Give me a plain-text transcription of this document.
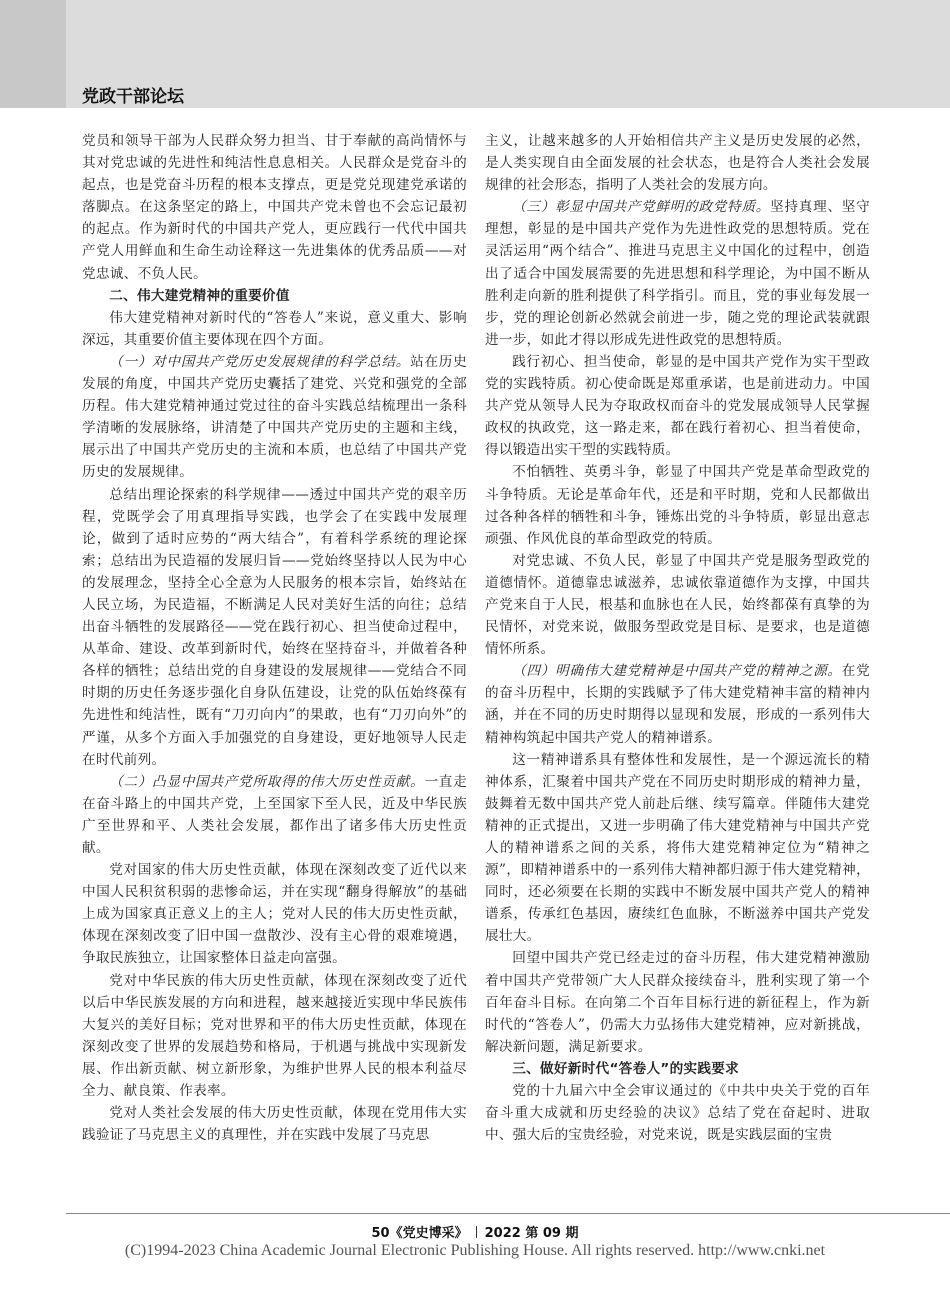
党政干部论坛

党员和领导干部为人民群众努力担当、甘于奉献的高尚情怀与其对党忠诚的先进性和纯洁性息息相关。人民群众是党奋斗的起点，也是党奋斗历程的根本支撑点，更是党兑现建党承诺的落脚点。在这条坚定的路上，中国共产党未曾也不会忘记最初的起点。作为新时代的中国共产党人，更应践行一代代中国共产党人用鲜血和生命生动诠释这一先进集体的优秀品质——对党忠诚、不负人民。

二、伟大建党精神的重要价值

伟大建党精神对新时代的“答卷人”来说，意义重大、影响深远，其重要价值主要体现在四个方面。

（一）对中国共产党历史发展规律的科学总结。站在历史发展的角度，中国共产党历史囊括了建党、兴党和强党的全部历程。伟大建党精神通过党过往的奋斗实践总结梳理出一条科学清晰的发展脉络，讲清楚了中国共产党历史的主题和主线，展示出了中国共产党历史的主流和本质，也总结了中国共产党历史的发展规律。

总结出理论探索的科学规律——透过中国共产党的艰辛历程，党既学会了用真理指导实践，也学会了在实践中发展理论，做到了适时应势的“两大结合”，有着科学系统的理论探索；总结出为民造福的发展归旨——党始终坚持以人民为中心的发展理念，坚持全心全意为人民服务的根本宗旨，始终站在人民立场，为民造福，不断满足人民对美好生活的向往；总结出奋斗牺牲的发展路径——党在践行初心、担当使命过程中，从革命、建设、改革到新时代，始终在坚持奋斗，并做着各种各样的牺牲；总结出党的自身建设的发展规律——党结合不同时期的历史任务逐步强化自身队伍建设，让党的队伍始终葆有先进性和纯洁性，既有“刀刃向内”的果敢，也有“刀刃向外”的严谨，从多个方面入手加强党的自身建设，更好地领导人民走在时代前列。

（二）凸显中国共产党所取得的伟大历史性贡献。一直走在奋斗路上的中国共产党，上至国家下至人民，近及中华民族广至世界和平、人类社会发展，都作出了诸多伟大历史性贡献。

党对国家的伟大历史性贡献，体现在深刻改变了近代以来中国人民积贫积弱的悲惨命运，并在实现“翻身得解放”的基础上成为国家真正意义上的主人；党对人民的伟大历史性贡献，体现在深刻改变了旧中国一盘散沙、没有主心骨的艰难境遇，争取民族独立，让国家整体日益走向富强。

党对中华民族的伟大历史性贡献，体现在深刻改变了近代以后中华民族发展的方向和进程，越来越接近实现中华民族伟大复兴的美好目标；党对世界和平的伟大历史性贡献，体现在深刻改变了世界的发展趋势和格局，于机遇与挑战中实现新发展、作出新贡献、树立新形象，为维护世界人民的根本利益尽全力、献良策、作表率。

党对人类社会发展的伟大历史性贡献，体现在党用伟大实践验证了马克思主义的真理性，并在实践中发展了马克思

主义，让越来越多的人开始相信共产主义是历史发展的必然，是人类实现自由全面发展的社会状态，也是符合人类社会发展规律的社会形态，指明了人类社会的发展方向。

（三）彰显中国共产党鲜明的政党特质。坚持真理、坚守理想，彰显的是中国共产党作为先进性政党的思想特质。党在灵活运用“两个结合”、推进马克思主义中国化的过程中，创造出了适合中国发展需要的先进思想和科学理论，为中国不断从胜利走向新的胜利提供了科学指引。而且，党的事业每发展一步，党的理论创新必然就会前进一步，随之党的理论武装就跟进一步，如此才得以形成先进性政党的思想特质。

践行初心、担当使命，彰显的是中国共产党作为实干型政党的实践特质。初心使命既是郑重承诺，也是前进动力。中国共产党从领导人民为夺取政权而奋斗的党发展成领导人民掌握政权的执政党，这一路走来，都在践行着初心、担当着使命，得以锻造出实干型的实践特质。

不怕牺牲、英勇斗争，彰显了中国共产党是革命型政党的斗争特质。无论是革命年代，还是和平时期，党和人民都做出过各种各样的牺牲和斗争，锤炼出党的斗争特质，彰显出意志顽强、作风优良的革命型政党的特质。

对党忠诚、不负人民，彰显了中国共产党是服务型政党的道德情怀。道德靠忠诚滋养，忠诚依靠道德作为支撑，中国共产党来自于人民，根基和血脉也在人民，始终都葆有真挚的为民情怀，对党来说，做服务型政党是目标、是要求，也是道德情怀所系。

（四）明确伟大建党精神是中国共产党的精神之源。在党的奋斗历程中，长期的实践赋予了伟大建党精神丰富的精神内涵，并在不同的历史时期得以显现和发展，形成的一系列伟大精神构筑起中国共产党人的精神谱系。

这一精神谱系具有整体性和发展性，是一个源远流长的精神体系，汇聚着中国共产党在不同历史时期形成的精神力量，鼓舞着无数中国共产党人前赴后继、续写篇章。伴随伟大建党精神的正式提出，又进一步明确了伟大建党精神与中国共产党人的精神谱系之间的关系，将伟大建党精神定位为“精神之源”，即精神谱系中的一系列伟大精神都归源于伟大建党精神，同时，还必须要在长期的实践中不断发展中国共产党人的精神谱系，传承红色基因，赓续红色血脉，不断滋养中国共产党发展壮大。

回望中国共产党已经走过的奋斗历程，伟大建党精神激励着中国共产党带领广大人民群众接续奋斗，胜利实现了第一个百年奋斗目标。在向第二个百年目标行进的新征程上，作为新时代的“答卷人”，仍需大力弘扬伟大建党精神，应对新挑战，解决新问题，满足新要求。

三、做好新时代“答卷人”的实践要求

党的十九届六中全会审议通过的《中共中央关于党的百年奋斗重大成就和历史经验的决议》总结了党在奋起时、进取中、强大后的宝贵经验，对党来说，既是实践层面的宝贵

50《党史博采》 2022 第 09 期
(C)1994-2023 China Academic Journal Electronic Publishing House. All rights reserved. http://www.cnki.net
